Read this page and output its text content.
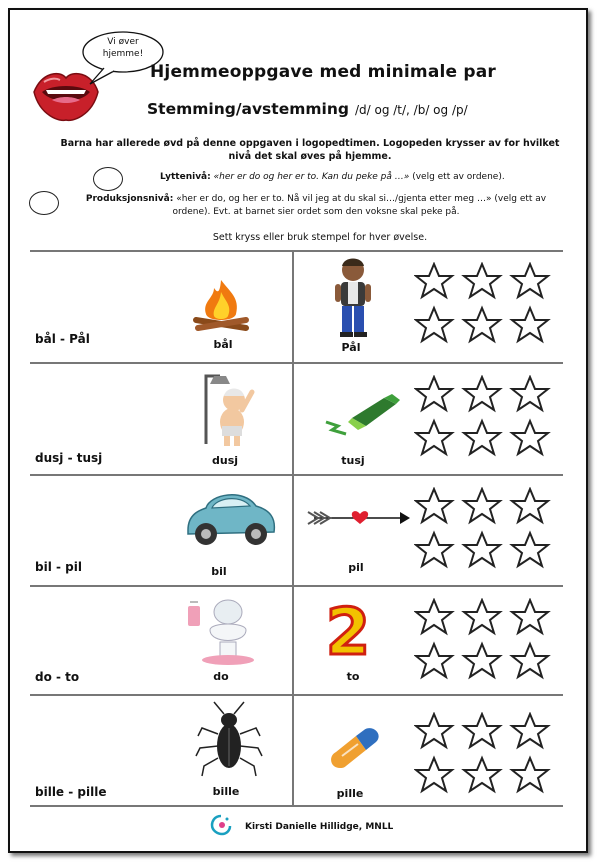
Vi øver hjemme!
Hjemmeoppgave med minimale par
Stemming/avstemming /d/ og /t/, /b/ og /p/
Barna har allerede øvd på denne oppgaven i logopedtimen. Logopeden krysser av for hvilket nivå det skal øves på hjemme.
Lyttenivå: «her er do og her er to. Kan du peke på …» (velg ett av ordene).
Produksjonsnivå: «her er do, og her er to. Nå vil jeg at du skal si…/gjenta etter meg …» (velg ett av ordene). Evt. at barnet sier ordet som den voksne skal peke på.
Sett kryss eller bruk stempel for hver øvelse.
bål - Pål	bål	Pål
dusj - tusj	dusj	tusj
bil - pil	bil	pil
do - to	do	to
2
bille - pille	bille	pille
Kirsti Danielle Hillidge, MNLL
